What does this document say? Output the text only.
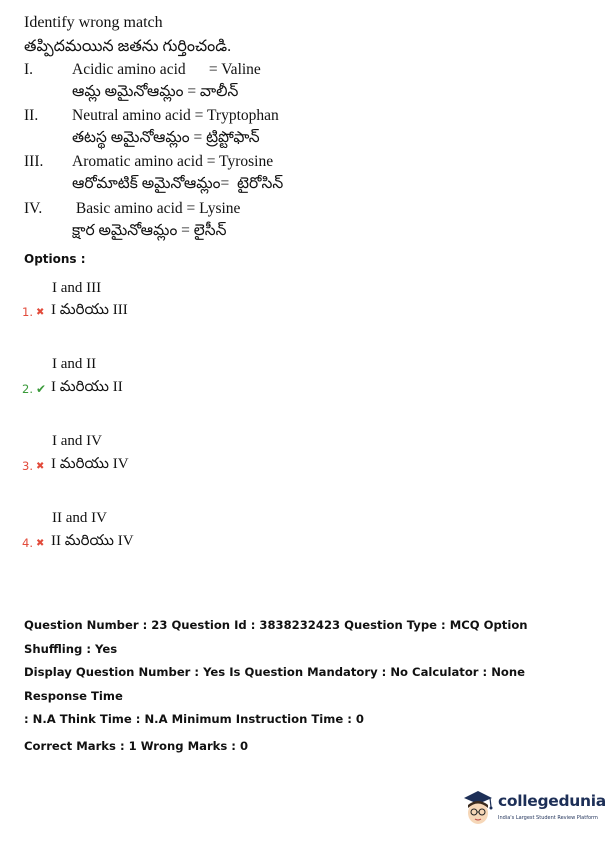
Identify wrong match
తప్పిదమయిన జతను గుర్తించండి.
I.	Acidic amino acid      = Valine
ఆమ్ల అమైనోఆమ్లం = వాలీన్
II. Neutral amino acid = Tryptophan
తటస్థ అమైనోఆమ్లం = ట్రిప్టోఫాన్
III. Aromatic amino acid = Tyrosine
ఆరోమాటిక్ అమైనోఆమ్లం=  టైరోసిన్
IV. Basic amino acid = Lysine
క్షార అమైనోఆమ్లం = లైసీన్
Options :
I and III
1. ✖ I మరియు III
I and II
2. ✔ I మరియు II
I and IV
3. ✖ I మరియు IV
II and IV
4. ✖ II మరియు IV
Question Number : 23 Question Id : 3838232423 Question Type : MCQ Option Shuffling : Yes
Display Question Number : Yes Is Question Mandatory : No Calculator : None Response Time
: N.A Think Time : N.A Minimum Instruction Time : 0
Correct Marks : 1 Wrong Marks : 0
collegedunia
India's Largest Student Review Platform
